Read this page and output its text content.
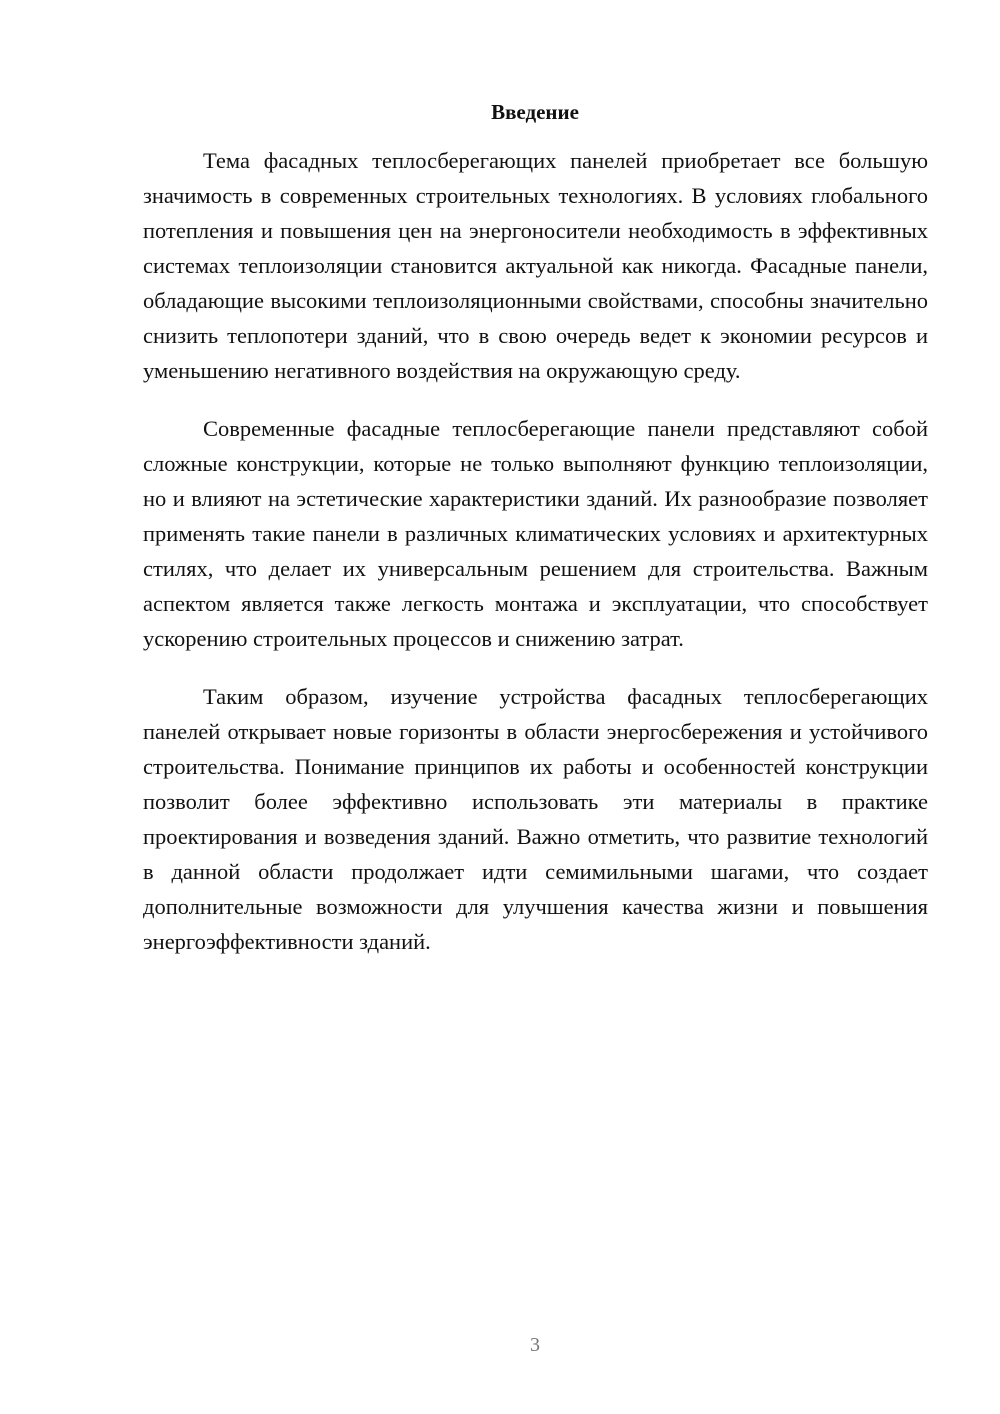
Введение

Тема фасадных теплосберегающих панелей приобретает все большую значимость в современных строительных технологиях. В условиях глобального потепления и повышения цен на энергоносители необходимость в эффективных системах теплоизоляции становится актуальной как никогда. Фасадные панели, обладающие высокими теплоизоляционными свойствами, способны значительно снизить теплопотери зданий, что в свою очередь ведет к экономии ресурсов и уменьшению негативного воздействия на окружающую среду.

Современные фасадные теплосберегающие панели представляют собой сложные конструкции, которые не только выполняют функцию теплоизоляции, но и влияют на эстетические характеристики зданий. Их разнообразие позволяет применять такие панели в различных климатических условиях и архитектурных стилях, что делает их универсальным решением для строительства. Важным аспектом является также легкость монтажа и эксплуатации, что способствует ускорению строительных процессов и снижению затрат.

Таким образом, изучение устройства фасадных теплосберегающих панелей открывает новые горизонты в области энергосбережения и устойчивого строительства. Понимание принципов их работы и особенностей конструкции позволит более эффективно использовать эти материалы в практике проектирования и возведения зданий. Важно отметить, что развитие технологий в данной области продолжает идти семимильными шагами, что создает дополнительные возможности для улучшения качества жизни и повышения энергоэффективности зданий.

3
